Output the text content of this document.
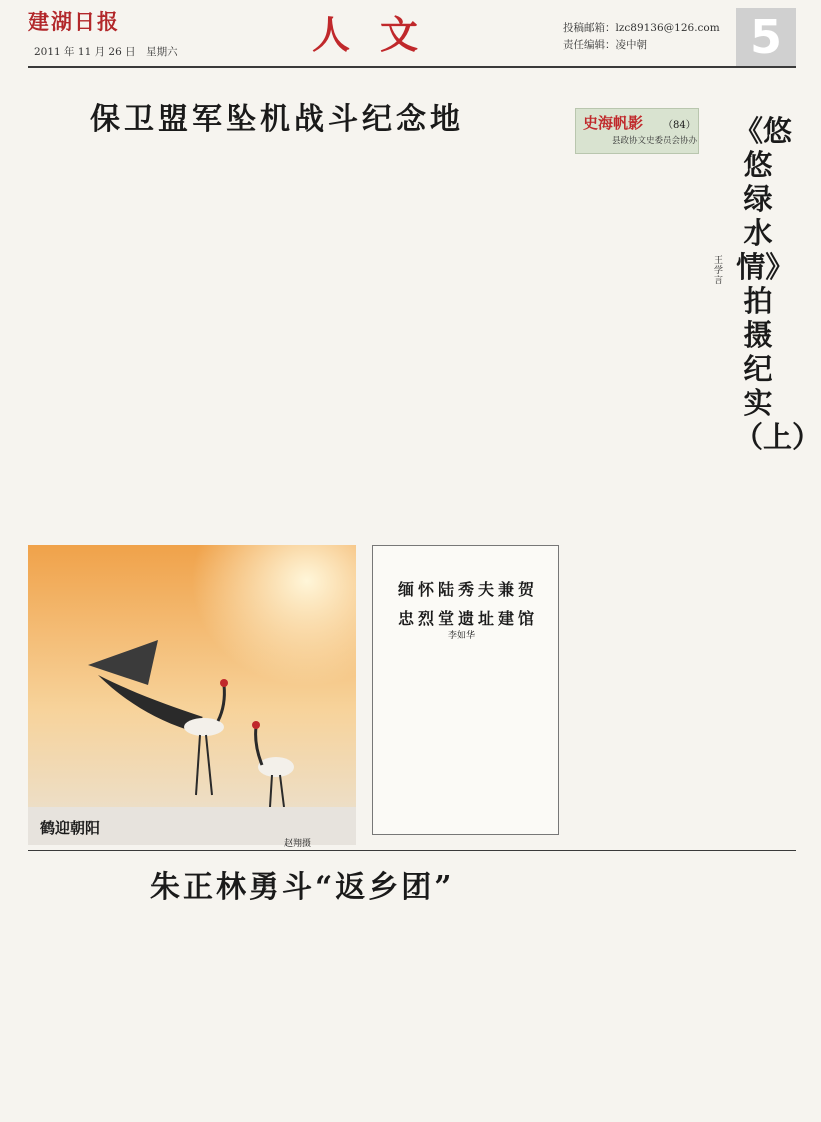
建湖日报
2011 年 11 月 26 日　星期六	人文	投稿邮箱：lzc89136@126.com
责任编辑：凌中朝	5
保卫盟军坠机战斗纪念地
鹤迎朝阳
赵翔摄
缅怀陆秀夫兼贺
忠烈堂遗址建馆
李如华
史海帆影 （84）
县政协文史委员会协办 《悠悠绿水情》拍摄纪实（上）
王学言
朱正林勇斗“返乡团”
